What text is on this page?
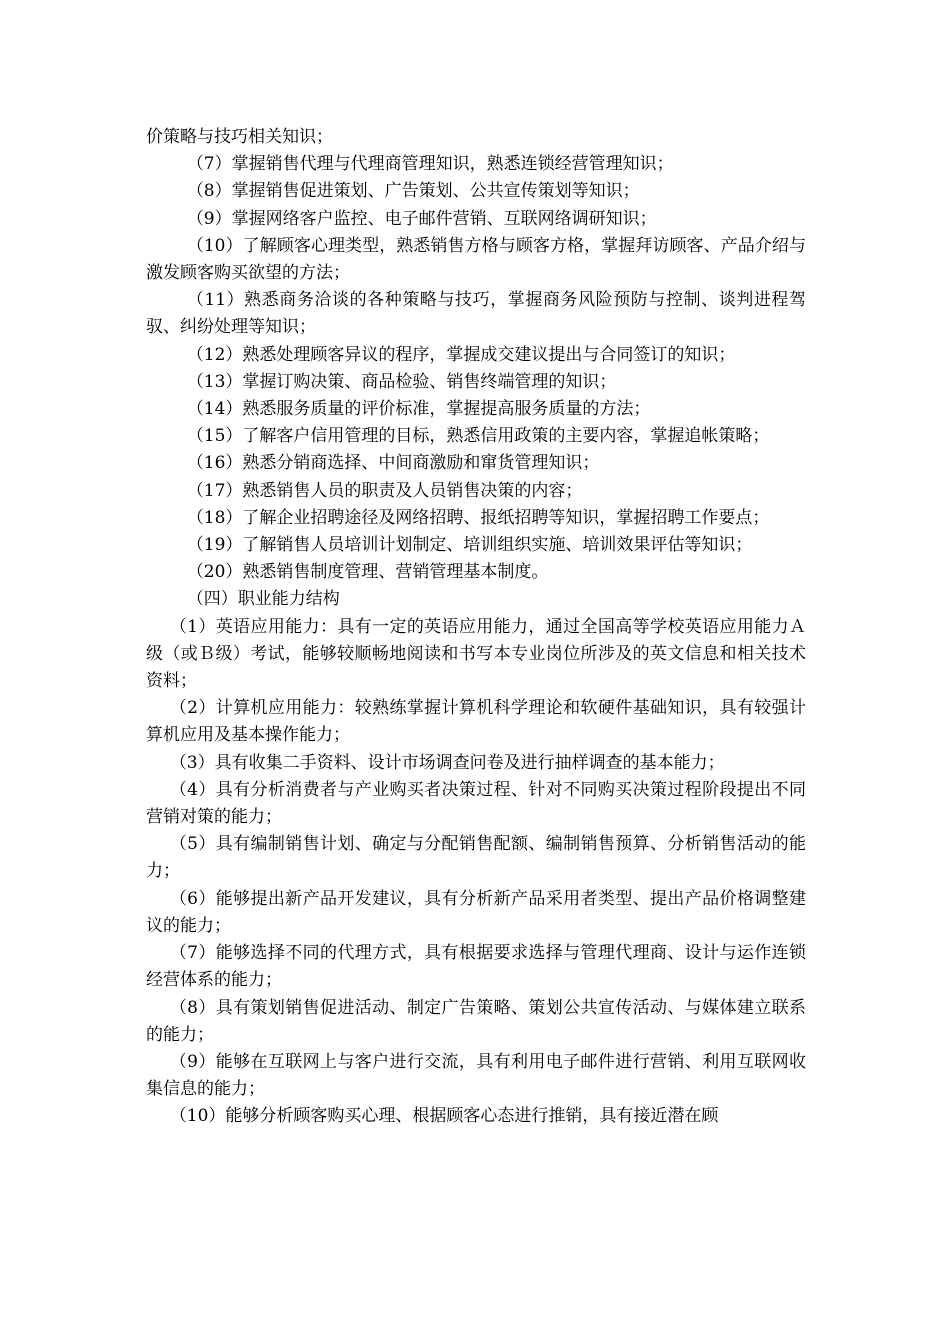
价策略与技巧相关知识；

（7）掌握销售代理与代理商管理知识，熟悉连锁经营管理知识；

（8）掌握销售促进策划、广告策划、公共宣传策划等知识；

（9）掌握网络客户监控、电子邮件营销、互联网络调研知识；

（10）了解顾客心理类型，熟悉销售方格与顾客方格，掌握拜访顾客、产品介绍与激发顾客购买欲望的方法；

（11）熟悉商务洽谈的各种策略与技巧，掌握商务风险预防与控制、谈判进程驾驭、纠纷处理等知识；

（12）熟悉处理顾客异议的程序，掌握成交建议提出与合同签订的知识；

（13）掌握订购决策、商品检验、销售终端管理的知识；

（14）熟悉服务质量的评价标准，掌握提高服务质量的方法；

（15）了解客户信用管理的目标，熟悉信用政策的主要内容，掌握追帐策略；

（16）熟悉分销商选择、中间商激励和窜货管理知识；

（17）熟悉销售人员的职责及人员销售决策的内容；

（18）了解企业招聘途径及网络招聘、报纸招聘等知识，掌握招聘工作要点；

（19）了解销售人员培训计划制定、培训组织实施、培训效果评估等知识；

（20）熟悉销售制度管理、营销管理基本制度。

（四）职业能力结构

（1）英语应用能力：具有一定的英语应用能力，通过全国高等学校英语应用能力Ａ级（或Ｂ级）考试，能够较顺畅地阅读和书写本专业岗位所涉及的英文信息和相关技术资料；

（2）计算机应用能力：较熟练掌握计算机科学理论和软硬件基础知识，具有较强计算机应用及基本操作能力；

（3）具有收集二手资料、设计市场调查问卷及进行抽样调查的基本能力；

（4）具有分析消费者与产业购买者决策过程、针对不同购买决策过程阶段提出不同营销对策的能力；

（5）具有编制销售计划、确定与分配销售配额、编制销售预算、分析销售活动的能力；

（6）能够提出新产品开发建议，具有分析新产品采用者类型、提出产品价格调整建议的能力；

（7）能够选择不同的代理方式，具有根据要求选择与管理代理商、设计与运作连锁经营体系的能力；

（8）具有策划销售促进活动、制定广告策略、策划公共宣传活动、与媒体建立联系的能力；

（9）能够在互联网上与客户进行交流，具有利用电子邮件进行营销、利用互联网收集信息的能力；

（10）能够分析顾客购买心理、根据顾客心态进行推销，具有接近潜在顾
